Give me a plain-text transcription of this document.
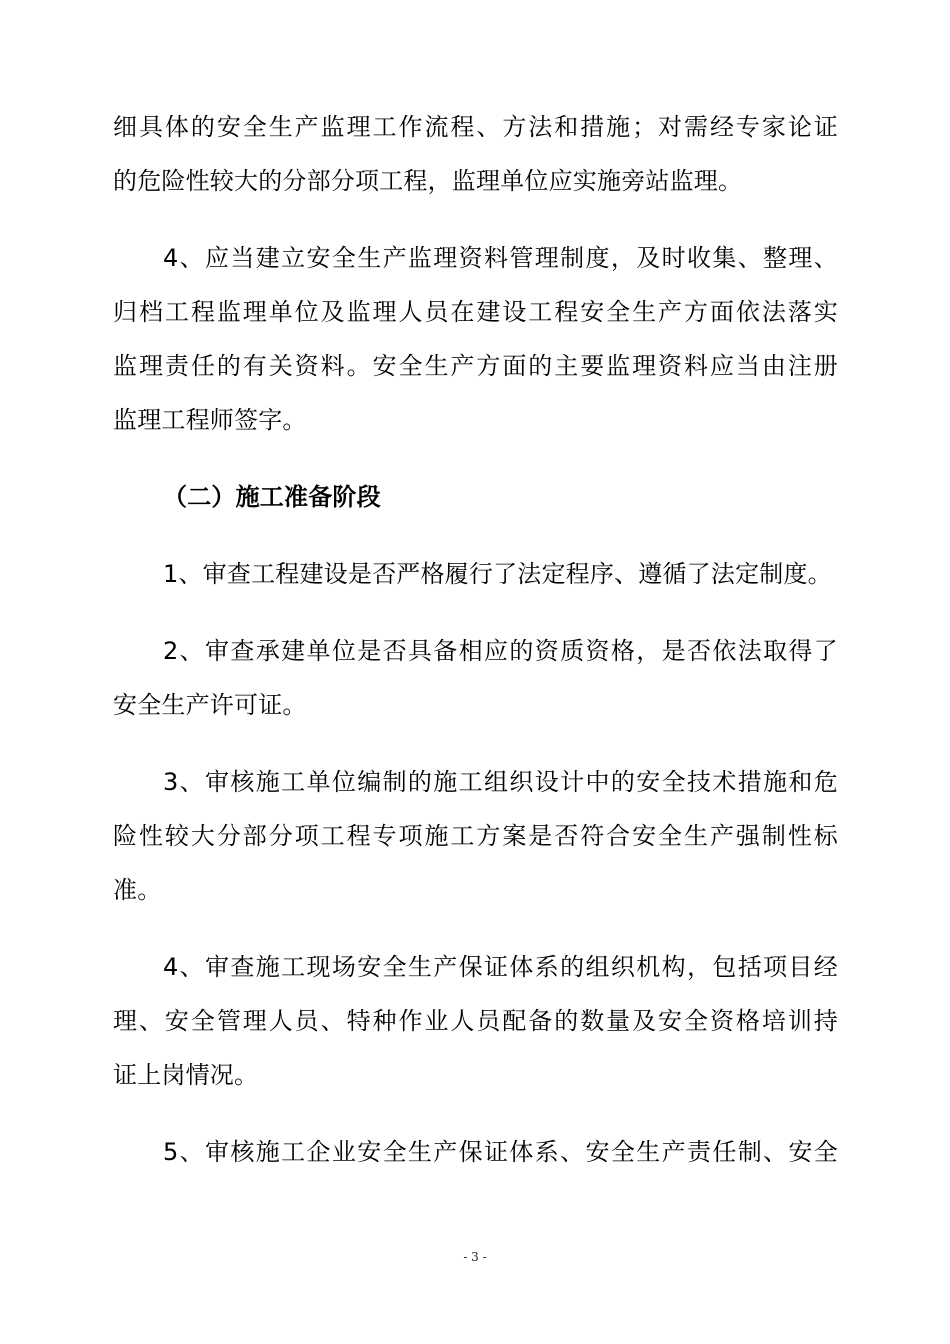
细具体的安全生产监理工作流程、方法和措施；对需经专家论证
的危险性较大的分部分项工程，监理单位应实施旁站监理。
4、应当建立安全生产监理资料管理制度，及时收集、整理、
归档工程监理单位及监理人员在建设工程安全生产方面依法落实
监理责任的有关资料。安全生产方面的主要监理资料应当由注册
监理工程师签字。
（二）施工准备阶段
1、审查工程建设是否严格履行了法定程序、遵循了法定制度。
2、审查承建单位是否具备相应的资质资格，是否依法取得了
安全生产许可证。
3、审核施工单位编制的施工组织设计中的安全技术措施和危
险性较大分部分项工程专项施工方案是否符合安全生产强制性标
准。
4、审查施工现场安全生产保证体系的组织机构，包括项目经
理、安全管理人员、特种作业人员配备的数量及安全资格培训持
证上岗情况。
5、审核施工企业安全生产保证体系、安全生产责任制、安全
- 3 -
